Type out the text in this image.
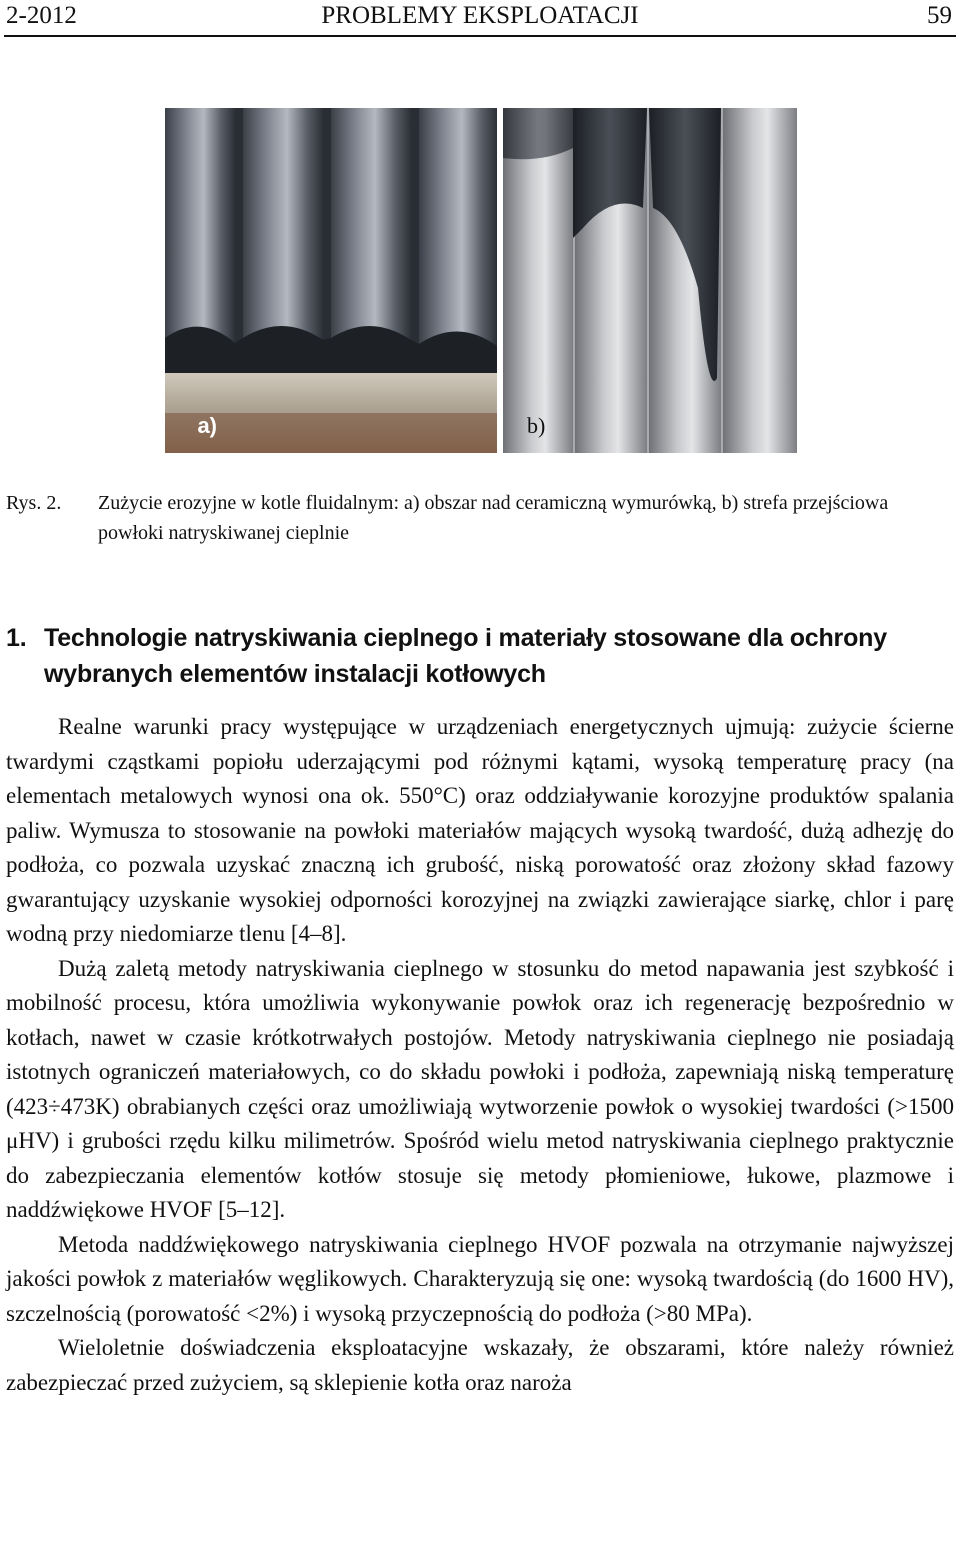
2-2012	PROBLEMY EKSPLOATACJI	59
a)	b)
Rys. 2. Zużycie erozyjne w kotle fluidalnym: a) obszar nad ceramiczną wymurówką, b) strefa przejściowa powłoki natryskiwanej cieplnie
1. Technologie natryskiwania cieplnego i materiały stosowane dla ochrony
wybranych elementów instalacji kotłowych

Realne warunki pracy występujące w urządzeniach energetycznych ujmują: zużycie ścierne twardymi cząstkami popiołu uderzającymi pod różnymi kątami, wysoką temperaturę pracy (na elementach metalowych wynosi ona ok. 550°C) oraz oddziaływanie korozyjne produktów spalania paliw. Wymusza to stosowanie na powłoki materiałów mających wysoką twardość, dużą adhezję do podłoża, co pozwala uzyskać znaczną ich grubość, niską porowatość oraz złożony skład fazowy gwarantujący uzyskanie wysokiej odporności korozyjnej na związki zawierające siarkę, chlor i parę wodną przy niedomiarze tlenu [4–8].

Dużą zaletą metody natryskiwania cieplnego w stosunku do metod napawania jest szybkość i mobilność procesu, która umożliwia wykonywanie powłok oraz ich regenerację bezpośrednio w kotłach, nawet w czasie krótkotrwałych postojów. Metody natryskiwania cieplnego nie posiadają istotnych ograniczeń materiałowych, co do składu powłoki i podłoża, zapewniają niską temperaturę (423÷473K) obrabianych części oraz umożliwiają wytworzenie powłok o wysokiej twardości (>1500 μHV) i grubości rzędu kilku milimetrów. Spośród wielu metod natryskiwania cieplnego praktycznie do zabezpieczania elementów kotłów stosuje się metody płomieniowe, łukowe, plazmowe i naddźwiękowe HVOF [5–12].

Metoda naddźwiękowego natryskiwania cieplnego HVOF pozwala na otrzymanie najwyższej jakości powłok z materiałów węglikowych. Charakteryzują się one: wysoką twardością (do 1600 HV), szczelnością (porowatość <2%) i wysoką przyczepnością do podłoża (>80 MPa).

Wieloletnie doświadczenia eksploatacyjne wskazały, że obszarami, które należy również zabezpieczać przed zużyciem, są sklepienie kotła oraz naroża
